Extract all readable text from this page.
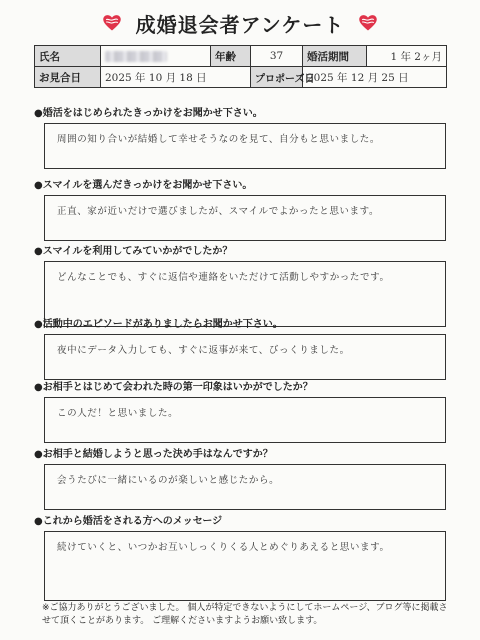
成婚退会者アンケート
氏名		年齢	37	婚活期間	1 年 2ヶ月
お見合日	2025 年 10 月 18 日		プロポーズ日	2025 年 12 月 25 日	
●婚活をはじめられたきっかけをお聞かせ下さい。
周囲の知り合いが結婚して幸せそうなのを見て、自分もと思いました。
●スマイルを選んだきっかけをお聞かせ下さい。
正直、家が近いだけで選びましたが、スマイルでよかったと思います。
●スマイルを利用してみていかがでしたか？
どんなことでも、すぐに返信や連絡をいただけて活動しやすかったです。
●活動中のエピソードがありましたらお聞かせ下さい。
夜中にデータ入力しても、すぐに返事が来て、びっくりました。
●お相手とはじめて会われた時の第一印象はいかがでしたか？
この人だ！と思いました。
●お相手と結婚しようと思った決め手はなんですか？
会うたびに一緒にいるのが楽しいと感じたから。
●これから婚活をされる方へのメッセージ
続けていくと、いつかお互いしっくりくる人とめぐりあえると思います。
※ご協力ありがとうございました。 個人が特定できないようにしてホームページ、ブログ等に掲載させて頂くことがあります。 ご理解くださいますようお願い致します。
